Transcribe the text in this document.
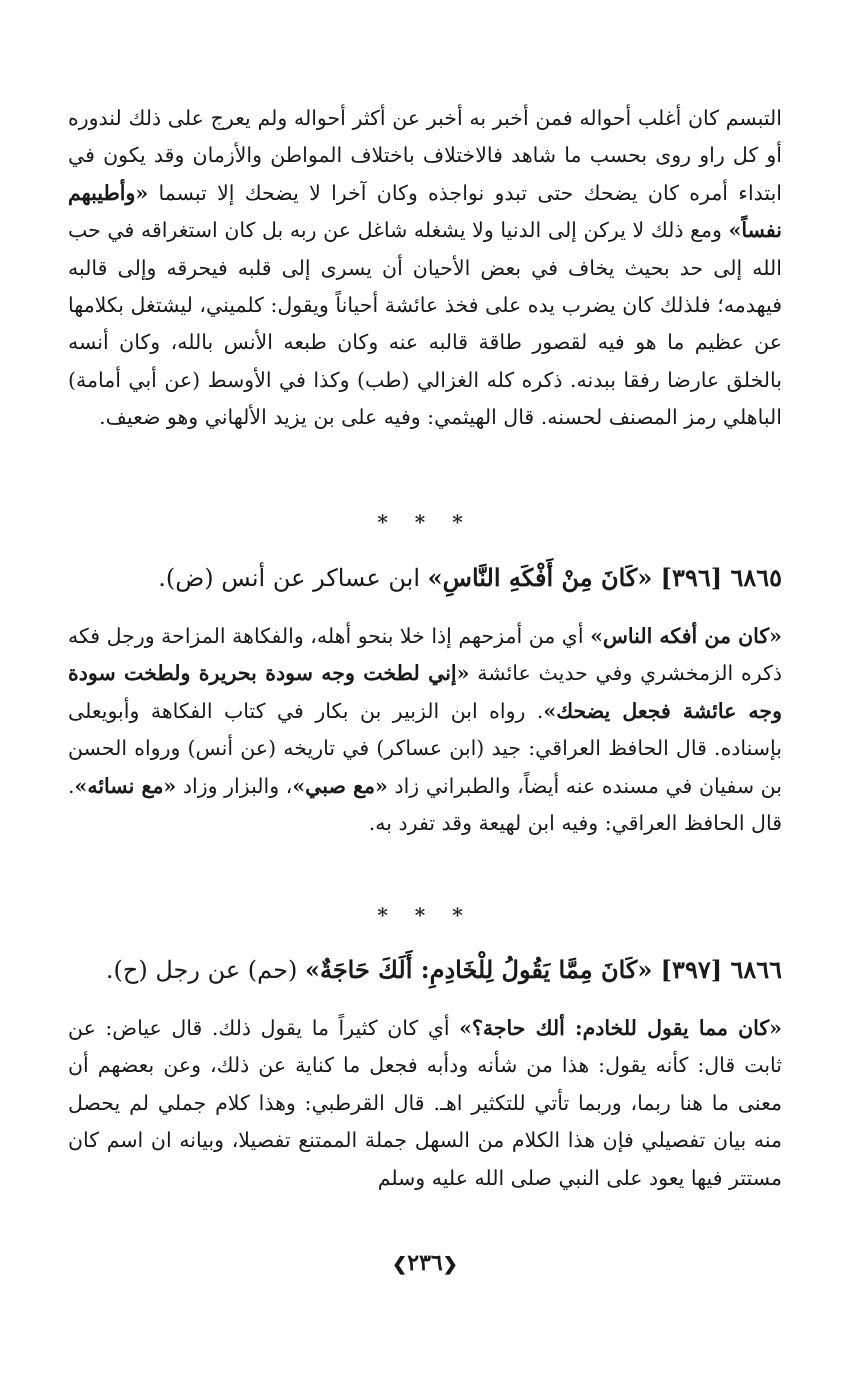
التبسم كان أغلب أحواله فمن أخبر به أخبر عن أكثر أحواله ولم يعرج على ذلك لندوره أو كل راو روى بحسب ما شاهد فالاختلاف باختلاف المواطن والأزمان وقد يكون في ابتداء أمره كان يضحك حتى تبدو نواجذه وكان آخرا لا يضحك إلا تبسما «وأطيبهم نفساً» ومع ذلك لا يركن إلى الدنيا ولا يشغله شاغل عن ربه بل كان استغراقه في حب الله إلى حد بحيث يخاف في بعض الأحيان أن يسرى إلى قلبه فيحرقه وإلى قالبه فيهدمه؛ فلذلك كان يضرب يده على فخذ عائشة أحياناً ويقول: كلميني، ليشتغل بكلامها عن عظيم ما هو فيه لقصور طاقة قالبه عنه وكان طبعه الأنس بالله، وكان أنسه بالخلق عارضا رفقا ببدنه. ذكره كله الغزالي (طب) وكذا في الأوسط (عن أبي أمامة) الباهلي رمز المصنف لحسنه. قال الهيثمي: وفيه على بن يزيد الألهاني وهو ضعيف.

* * *

٦٨٦٥ [٣٩٦] «كَانَ مِنْ أَفْكَهِ النَّاسِ» ابن عساكر عن أنس (ض).

«كان من أفكه الناس» أي من أمزحهم إذا خلا بنحو أهله، والفكاهة المزاحة ورجل فكه ذكره الزمخشري وفي حديث عائشة «إني لطخت وجه سودة بحريرة ولطخت سودة وجه عائشة فجعل يضحك». رواه ابن الزبير بن بكار في كتاب الفكاهة وأبويعلى بإسناده. قال الحافظ العراقي: جيد (ابن عساكر) في تاريخه (عن أنس) ورواه الحسن بن سفيان في مسنده عنه أيضاً، والطبراني زاد «مع صبي»، والبزار وزاد «مع نسائه». قال الحافظ العراقي: وفيه ابن لهيعة وقد تفرد به.

* * *

٦٨٦٦ [٣٩٧] «كَانَ مِمَّا يَقُولُ لِلْخَادِمِ: أَلَكَ حَاجَةٌ» (حم) عن رجل (ح).

«كان مما يقول للخادم: ألك حاجة؟» أي كان كثيراً ما يقول ذلك. قال عياض: عن ثابت قال: كأنه يقول: هذا من شأنه ودأبه فجعل ما كناية عن ذلك، وعن بعضهم أن معنى ما هنا ربما، وربما تأتي للتكثير اهـ. قال القرطبي: وهذا كلام جملي لم يحصل منه بيان تفصيلي فإن هذا الكلام من السهل جملة الممتنع تفصيلا، وبيانه ان اسم كان مستتر فيها يعود على النبي صلى الله عليه وسلم

❮٢٣٦❯
